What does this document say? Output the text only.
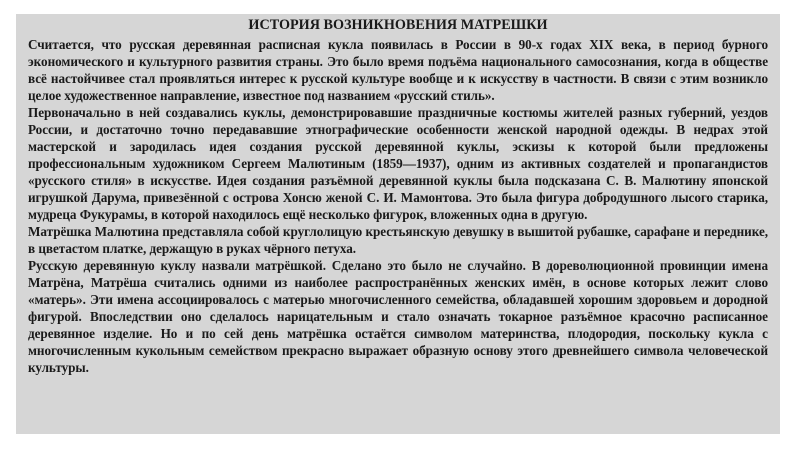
ИСТОРИЯ ВОЗНИКНОВЕНИЯ МАТРЕШКИ

Считается, что русская деревянная расписная кукла появилась в России в 90-х годах XIX века, в период бурного экономического и культурного развития страны. Это было время подъёма национального самосознания, когда в обществе всё настойчивее стал проявляться интерес к русской культуре вообще и к искусству в частности. В связи с этим возникло целое художественное направление, известное под названием «русский стиль».

Первоначально в ней создавались куклы, демонстрировавшие праздничные костюмы жителей разных губерний, уездов России, и достаточно точно передававшие этнографические особенности женской народной одежды. В недрах этой мастерской и зародилась идея создания русской деревянной куклы, эскизы к которой были предложены профессиональным художником Сергеем Малютиным (1859—1937), одним из активных создателей и пропагандистов «русского стиля» в искусстве. Идея создания разъёмной деревянной куклы была подсказана С. В. Малютину японской игрушкой Дарума, привезённой с острова Хонсю женой С. И. Мамонтова. Это была фигура добродушного лысого старика, мудреца Фукурамы, в которой находилось ещё несколько фигурок, вложенных одна в другую.

Матрёшка Малютина представляла собой круглолицую крестьянскую девушку в вышитой рубашке, сарафане и переднике, в цветастом платке, держащую в руках чёрного петуха.

Русскую деревянную куклу назвали матрёшкой. Сделано это было не случайно. В дореволюционной провинции имена Матрёна, Матрёша считались одними из наиболее распространённых женских имён, в основе которых лежит слово «матерь». Эти имена ассоциировалось с матерью многочисленного семейства, обладавшей хорошим здоровьем и дородной фигурой. Впоследствии оно сделалось нарицательным и стало означать токарное разъёмное красочно расписанное деревянное изделие. Но и по сей день матрёшка остаётся символом материнства, плодородия, поскольку кукла с многочисленным кукольным семейством прекрасно выражает образную основу этого древнейшего символа человеческой культуры.
